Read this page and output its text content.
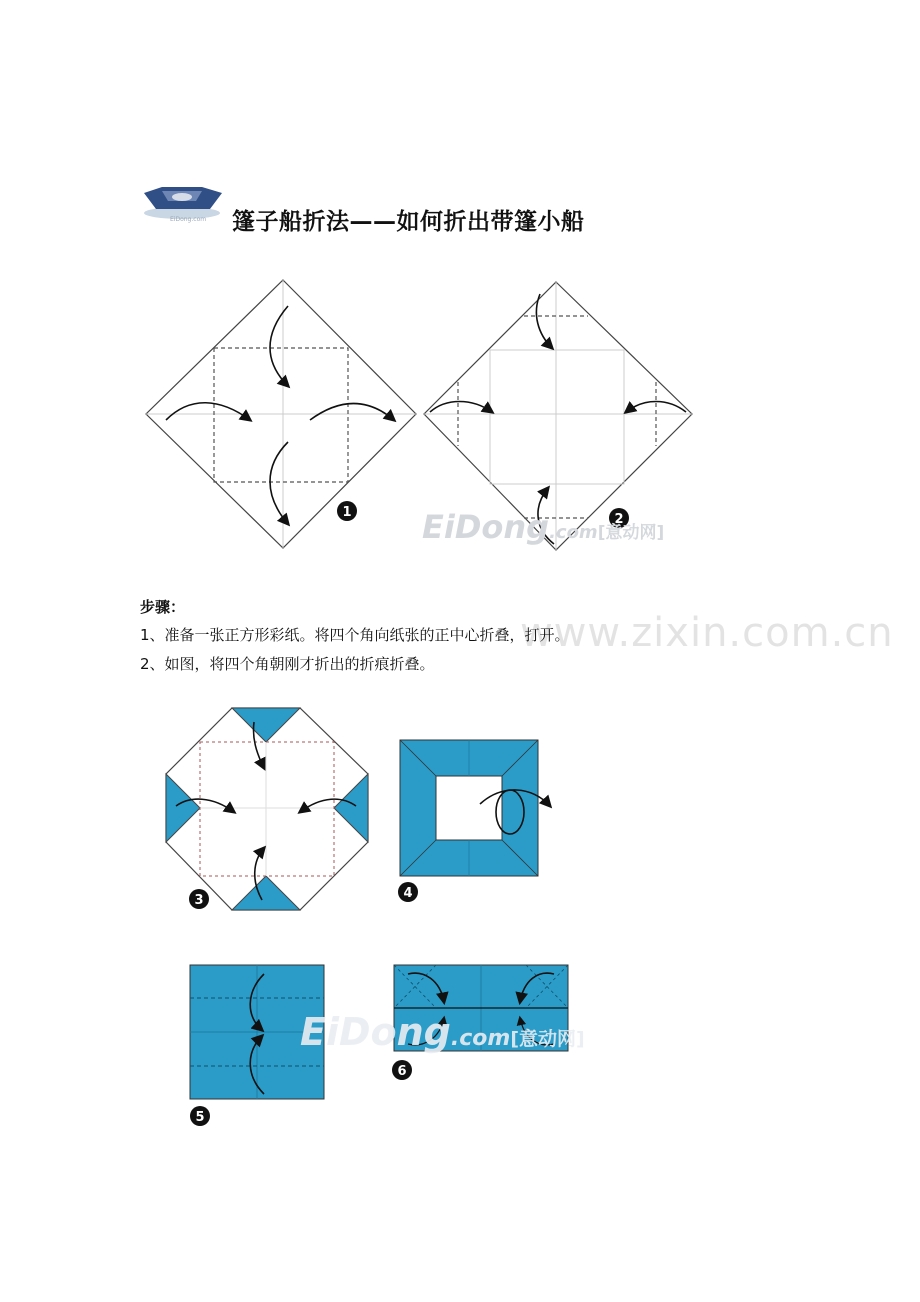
EiDong.com 篷子船折法——如何折出带篷小船
1	2
EiDong.com[意动网]
步骤：
www.zixin.com.cn
1、准备一张正方形彩纸。将四个角向纸张的正中心折叠，打开。
2、如图，将四个角朝刚才折出的折痕折叠。
3	4
5
6
EiDong.com[意动网]
